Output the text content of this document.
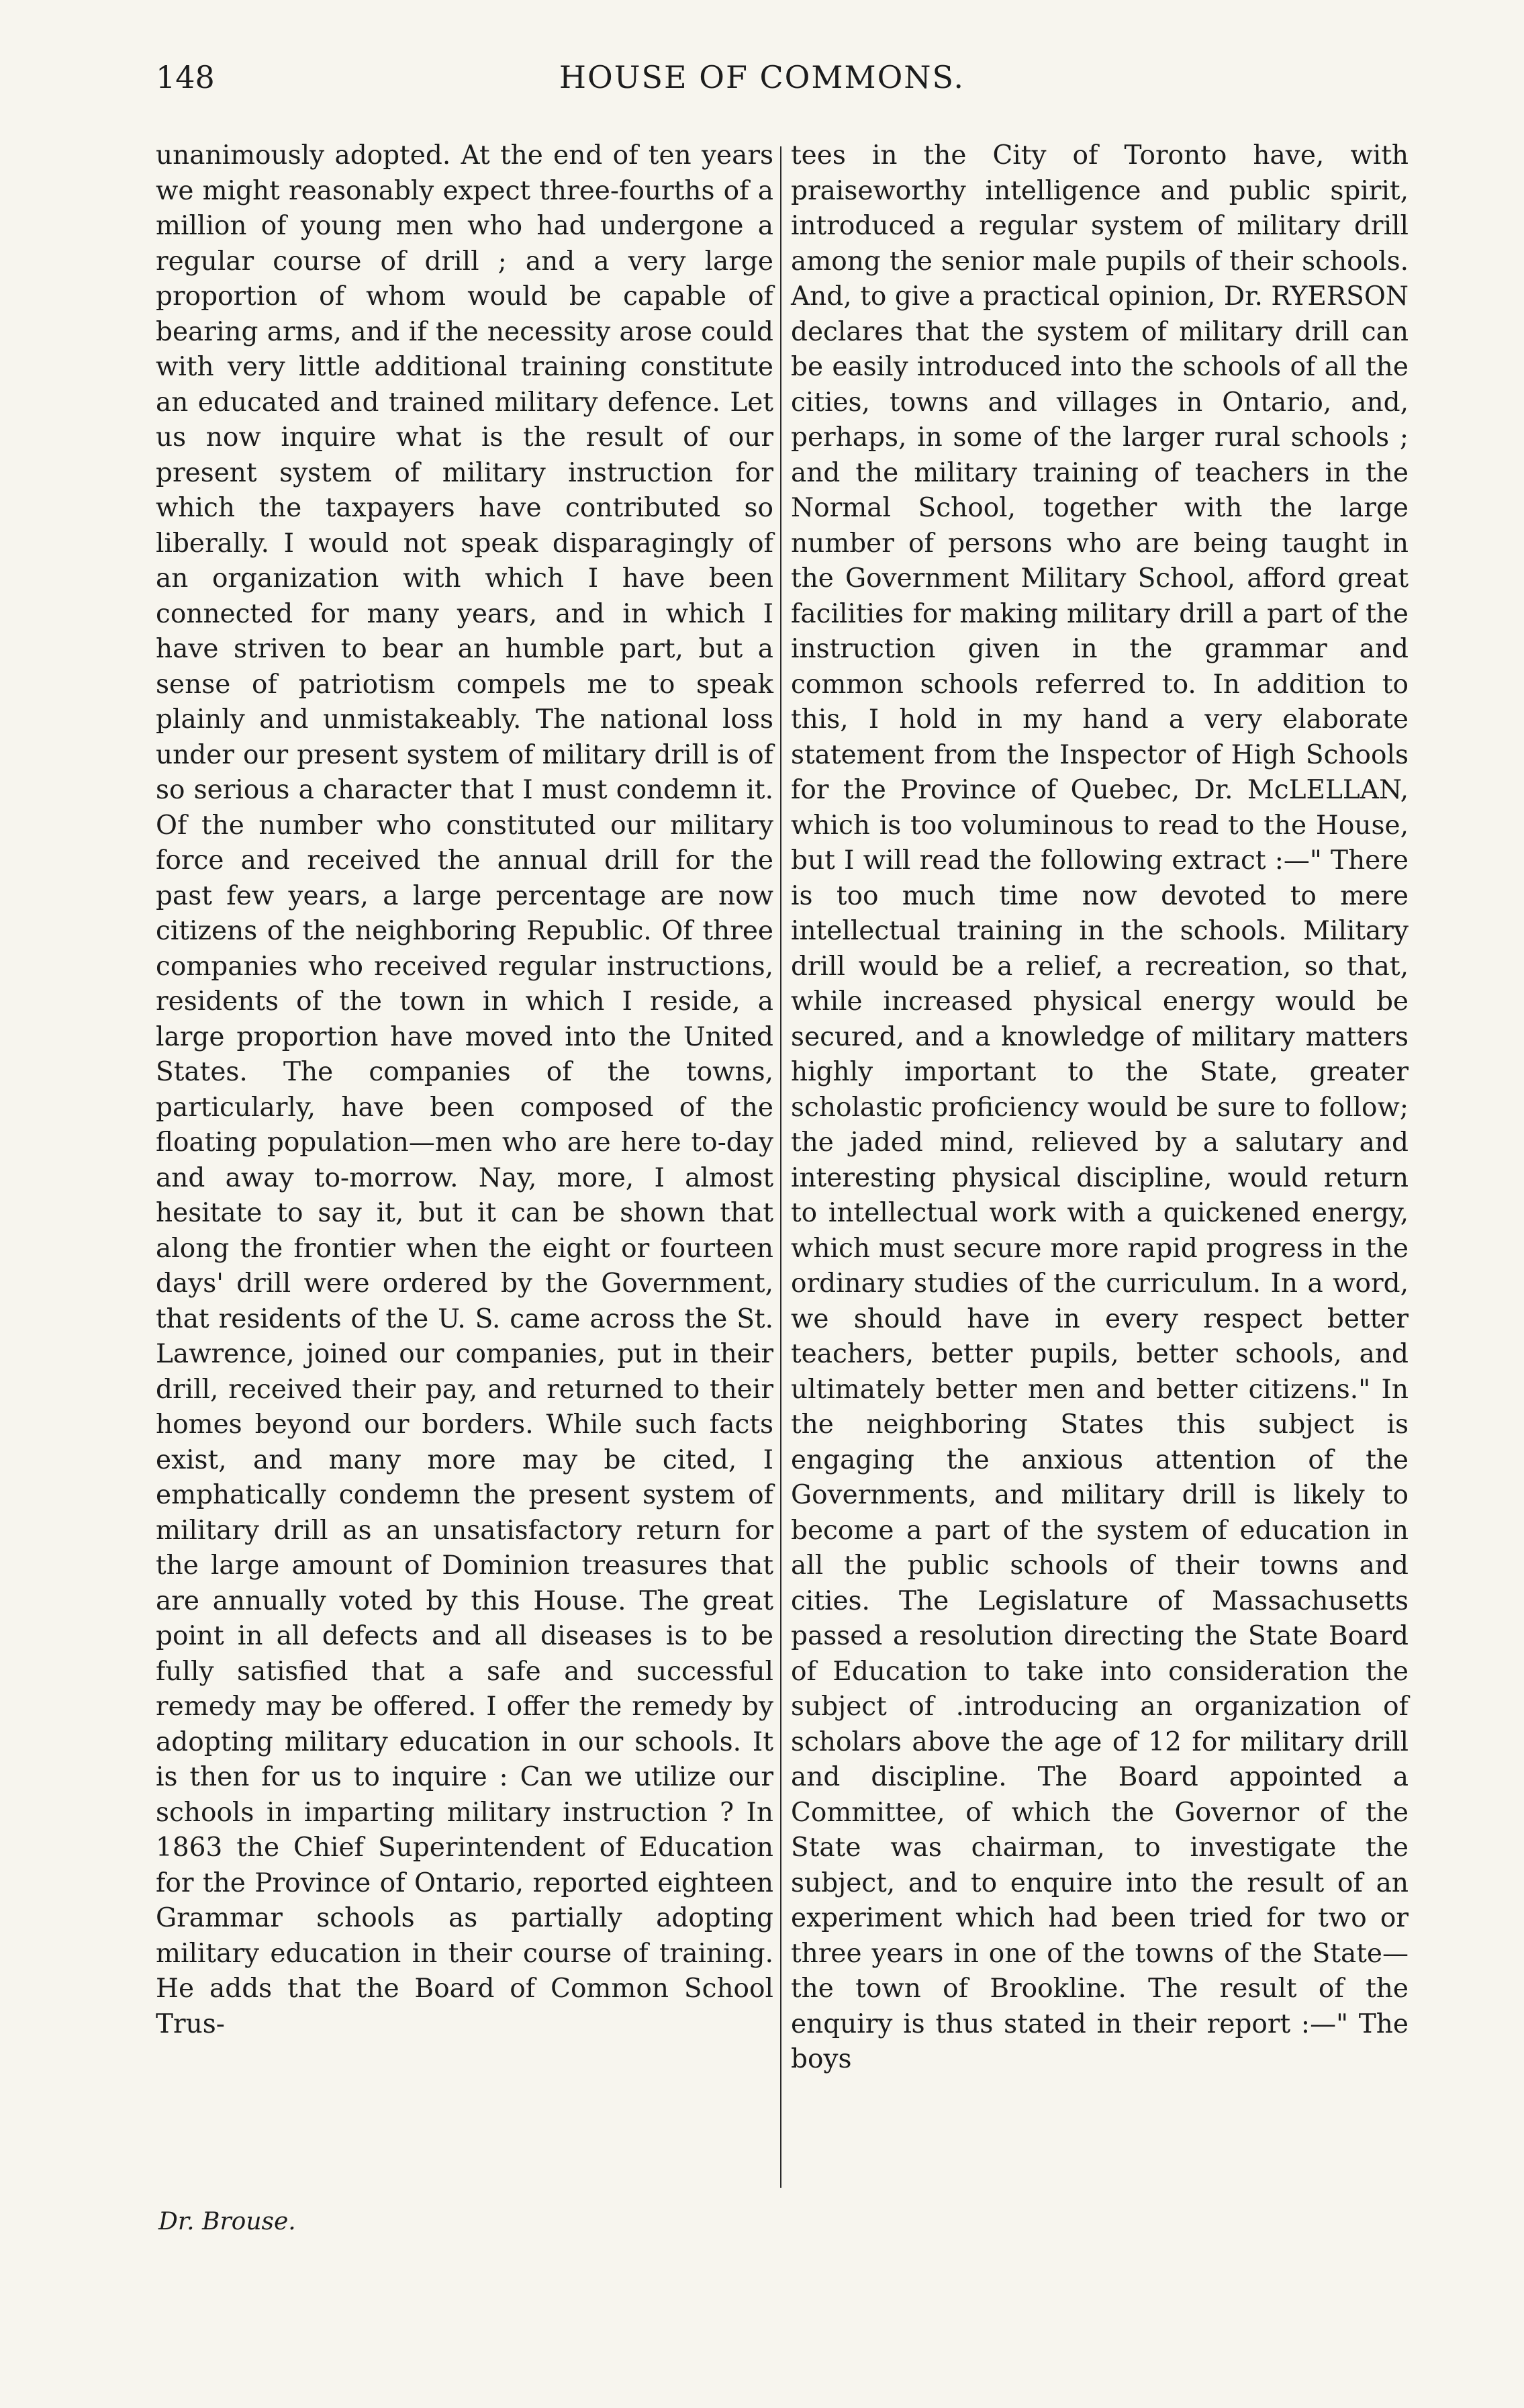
148	HOUSE OF COMMONS.

unanimously adopted. At the end of ten years we might reasonably expect three-fourths of a million of young men who had undergone a regular course of drill ; and a very large proportion of whom would be capable of bearing arms, and if the necessity arose could with very little additional training constitute an educated and trained military defence. Let us now inquire what is the result of our present system of military instruction for which the taxpayers have contributed so liberally. I would not speak disparagingly of an organization with which I have been connected for many years, and in which I have striven to bear an humble part, but a sense of patriotism compels me to speak plainly and unmistakeably. The national loss under our present system of military drill is of so serious a character that I must condemn it. Of the number who constituted our military force and received the annual drill for the past few years, a large percentage are now citizens of the neighboring Republic. Of three companies who received regular instructions, residents of the town in which I reside, a large proportion have moved into the United States. The companies of the towns, particularly, have been composed of the floating population—men who are here to-day and away to-morrow. Nay, more, I almost hesitate to say it, but it can be shown that along the frontier when the eight or fourteen days' drill were ordered by the Government, that residents of the U. S. came across the St. Lawrence, joined our companies, put in their drill, received their pay, and returned to their homes beyond our borders. While such facts exist, and many more may be cited, I emphatically condemn the present system of military drill as an unsatisfactory return for the large amount of Dominion treasures that are annually voted by this House. The great point in all defects and all diseases is to be fully satisfied that a safe and successful remedy may be offered. I offer the remedy by adopting military education in our schools. It is then for us to inquire : Can we utilize our schools in imparting military instruction ? In 1863 the Chief Superintendent of Education for the Province of Ontario, reported eighteen Grammar schools as partially adopting military education in their course of training. He adds that the Board of Common School Trus-

tees in the City of Toronto have, with praiseworthy intelligence and public spirit, introduced a regular system of military drill among the senior male pupils of their schools. And, to give a practical opinion, Dr. RYERSON declares that the system of military drill can be easily introduced into the schools of all the cities, towns and villages in Ontario, and, perhaps, in some of the larger rural schools ; and the military training of teachers in the Normal School, together with the large number of persons who are being taught in the Government Military School, afford great facilities for making military drill a part of the instruction given in the grammar and common schools referred to. In addition to this, I hold in my hand a very elaborate statement from the Inspector of High Schools for the Province of Quebec, Dr. McLELLAN, which is too voluminous to read to the House, but I will read the following extract :—" There is too much time now devoted to mere intellectual training in the schools. Military drill would be a relief, a recreation, so that, while increased physical energy would be secured, and a knowledge of military matters highly important to the State, greater scholastic proficiency would be sure to follow; the jaded mind, relieved by a salutary and interesting physical discipline, would return to intellectual work with a quickened energy, which must secure more rapid progress in the ordinary studies of the curriculum. In a word, we should have in every respect better teachers, better pupils, better schools, and ultimately better men and better citizens." In the neighboring States this subject is engaging the anxious attention of the Governments, and military drill is likely to become a part of the system of education in all the public schools of their towns and cities. The Legislature of Massachusetts passed a resolution directing the State Board of Education to take into consideration the subject of .introducing an organization of scholars above the age of 12 for military drill and discipline. The Board appointed a Committee, of which the Governor of the State was chairman, to investigate the subject, and to enquire into the result of an experiment which had been tried for two or three years in one of the towns of the State—the town of Brookline. The result of the enquiry is thus stated in their report :—" The boys

Dr. Brouse.
